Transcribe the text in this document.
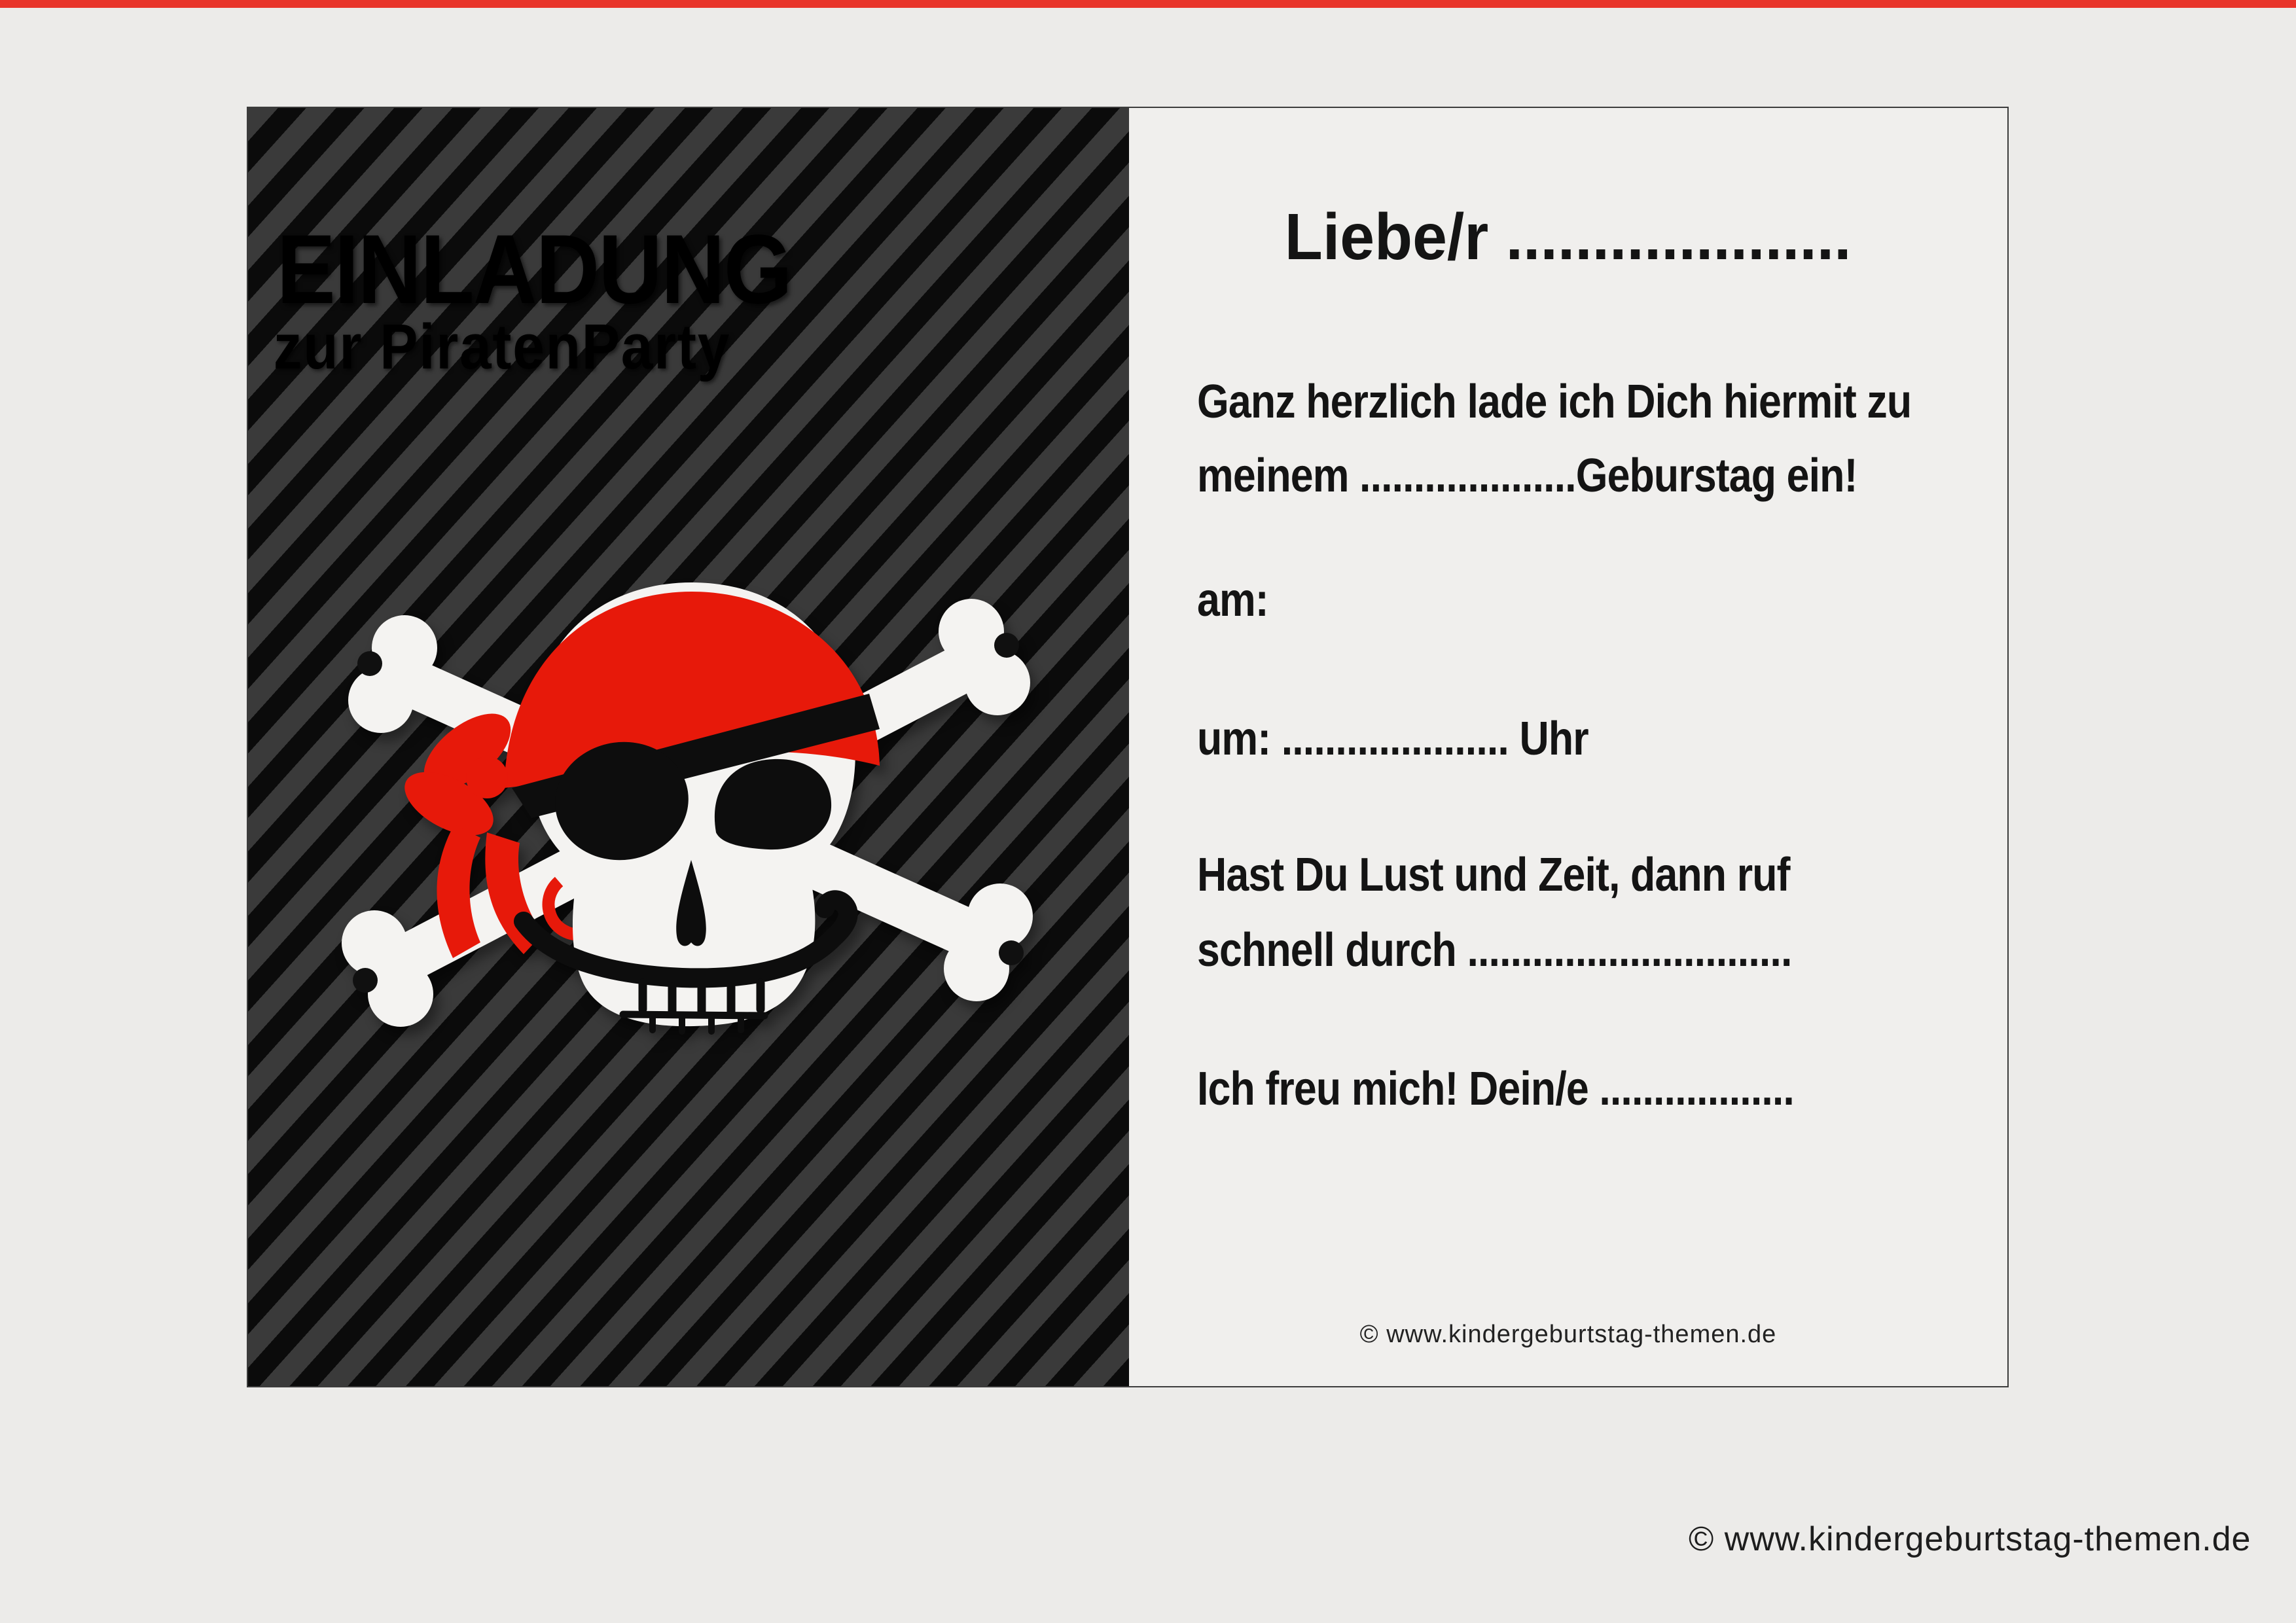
EINLADUNG
zur PiratenParty
Liebe/r ....................
Ganz herzlich lade ich Dich hiermit zu
meinem ....................Geburstag ein!
am:
um: ..................... Uhr
Hast Du Lust und Zeit, dann ruf
schnell durch ..............................
Ich freu mich! Dein/e ..................
© www.kindergeburtstag-themen.de
© www.kindergeburtstag-themen.de
